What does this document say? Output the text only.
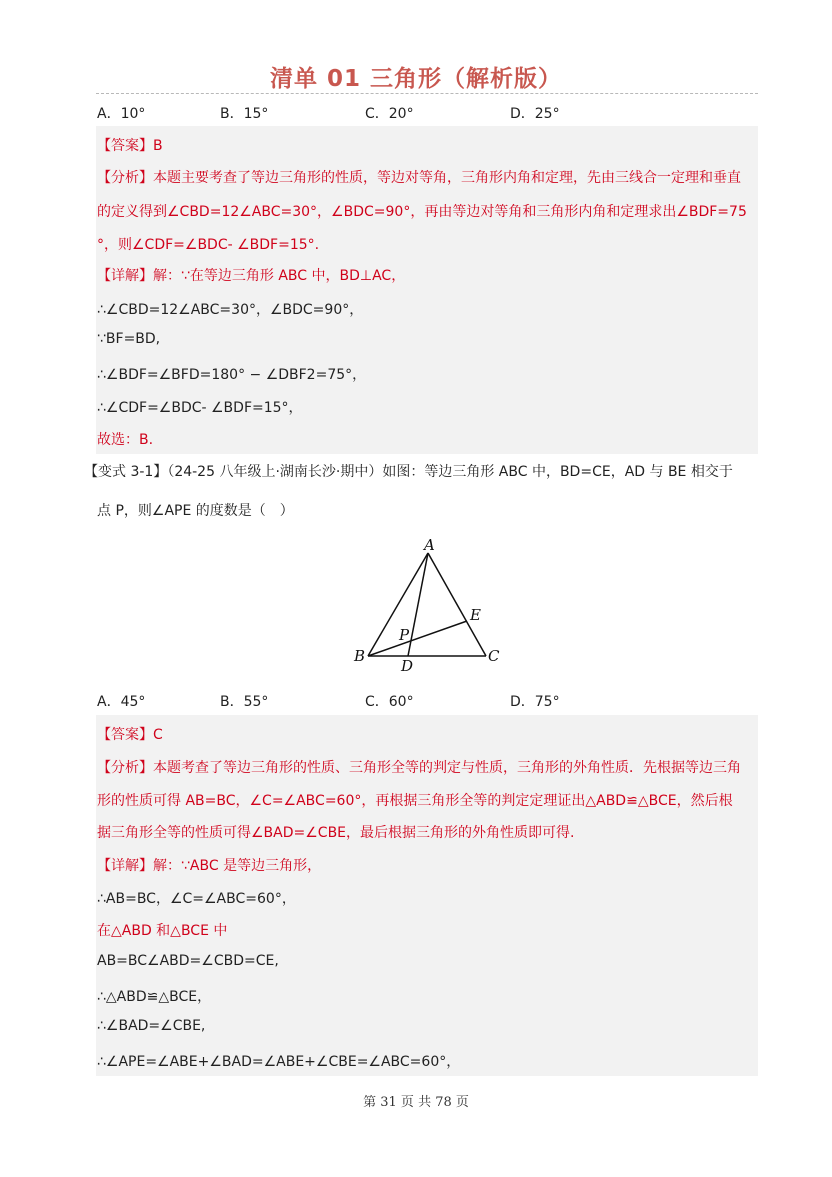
清单 01 三角形（解析版）
A．10°	B．15°	C．20°	D．25°
【答案】B
【分析】本题主要考查了等边三角形的性质，等边对等角，三角形内角和定理，先由三线合一定理和垂直
的定义得到∠CBD=12∠ABC=30°，∠BDC=90°，再由等边对等角和三角形内角和定理求出∠BDF=75
°，则∠CDF=∠BDC- ∠BDF=15°.
【详解】解：∵在等边三角形 ABC 中，BD⊥AC，
∴∠CBD=12∠ABC=30°，∠BDC=90°，
∵BF=BD,
∴∠BDF=∠BFD=180° − ∠DBF2=75°，
∴∠CDF=∠BDC- ∠BDF=15°，
故选：B.
【变式 3-1】（24-25 八年级上·湖南长沙·期中）如图：等边三角形 ABC 中，BD=CE，AD 与 BE 相交于
点 P，则∠APE 的度数是（　）
A
B	C
D
E
P
A．45°	B．55°	C．60°	D．75°
【答案】C
【分析】本题考查了等边三角形的性质、三角形全等的判定与性质，三角形的外角性质．先根据等边三角
形的性质可得 AB=BC，∠C=∠ABC=60°，再根据三角形全等的判定定理证出△ABD≌△BCE，然后根
据三角形全等的性质可得∠BAD=∠CBE，最后根据三角形的外角性质即可得.
【详解】解：∵ABC 是等边三角形，
∴AB=BC，∠C=∠ABC=60°，
在△ABD 和△BCE 中
AB=BC∠ABD=∠CBD=CE,
∴△ABD≌△BCE，
∴∠BAD=∠CBE,
∴∠APE=∠ABE+∠BAD=∠ABE+∠CBE=∠ABC=60°，
第 31 页 共 78 页
